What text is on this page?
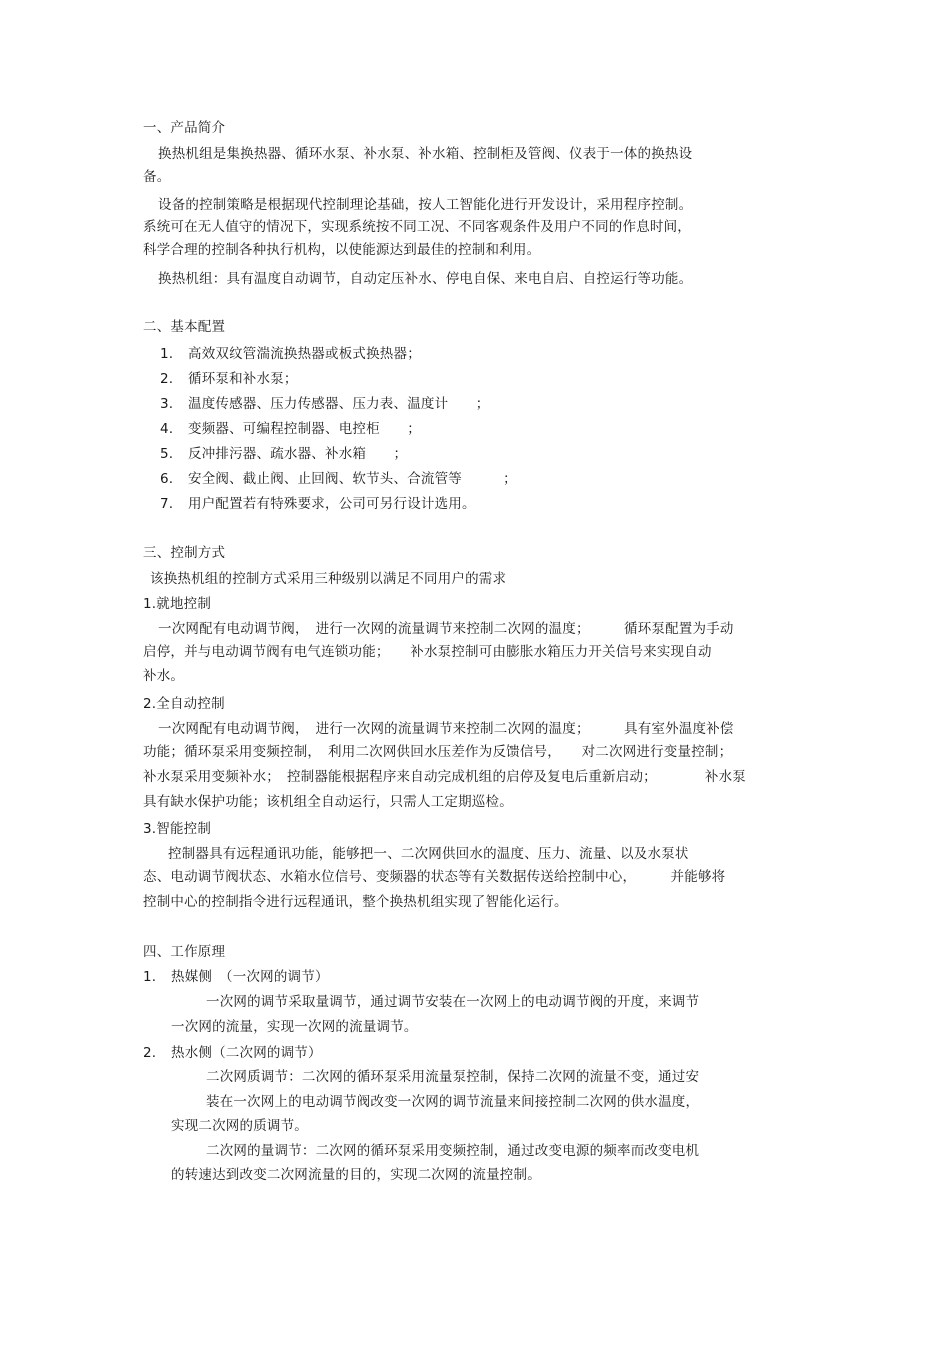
一、产品简介
换热机组是集换热器、循环水泵、补水泵、补水箱、控制柜及管阀、仪表于一体的换热设
备。
设备的控制策略是根据现代控制理论基础，按人工智能化进行开发设计，采用程序控制。
系统可在无人值守的情况下，实现系统按不同工况、不同客观条件及用户不同的作息时间，
科学合理的控制各种执行机构，以使能源达到最佳的控制和利用。
换热机组：具有温度自动调节，自动定压补水、停电自保、来电自启、自控运行等功能。
二、基本配置
1. 高效双纹管湍流换热器或板式换热器；
2. 循环泵和补水泵；
3. 温度传感器、压力传感器、压力表、温度计　　；
4. 变频器、可编程控制器、电控柜　　；
5. 反冲排污器、疏水器、补水箱　　；
6. 安全阀、截止阀、止回阀、软节头、合流管等　　　；
7. 用户配置若有特殊要求，公司可另行设计选用。
三、控制方式
该换热机组的控制方式采用三种级别以满足不同用户的需求
1.就地控制
一次网配有电动调节阀，　进行一次网的流量调节来控制二次网的温度；　　　循环泵配置为手动
启停，并与电动调节阀有电气连锁功能；　　补水泵控制可由膨胀水箱压力开关信号来实现自动
补水。
2.全自动控制
一次网配有电动调节阀，　进行一次网的流量调节来控制二次网的温度；　　　具有室外温度补偿
功能；循环泵采用变频控制，　利用二次网供回水压差作为反馈信号，　　对二次网进行变量控制；
补水泵采用变频补水；　控制器能根据程序来自动完成机组的启停及复电后重新启动；　　　　补水泵
具有缺水保护功能；该机组全自动运行，只需人工定期巡检。
3.智能控制
控制器具有远程通讯功能，能够把一、二次网供回水的温度、压力、流量、以及水泵状
态、电动调节阀状态、水箱水位信号、变频器的状态等有关数据传送给控制中心，　　　并能够将
控制中心的控制指令进行远程通讯，整个换热机组实现了智能化运行。
四、工作原理
1. 热媒侧　（一次网的调节）
一次网的调节采取量调节，通过调节安装在一次网上的电动调节阀的开度，来调节
一次网的流量，实现一次网的流量调节。
2. 热水侧（二次网的调节）
二次网质调节：二次网的循环泵采用流量泵控制，保持二次网的流量不变，通过安
装在一次网上的电动调节阀改变一次网的调节流量来间接控制二次网的供水温度，
实现二次网的质调节。
二次网的量调节：二次网的循环泵采用变频控制，通过改变电源的频率而改变电机
的转速达到改变二次网流量的目的，实现二次网的流量控制。
